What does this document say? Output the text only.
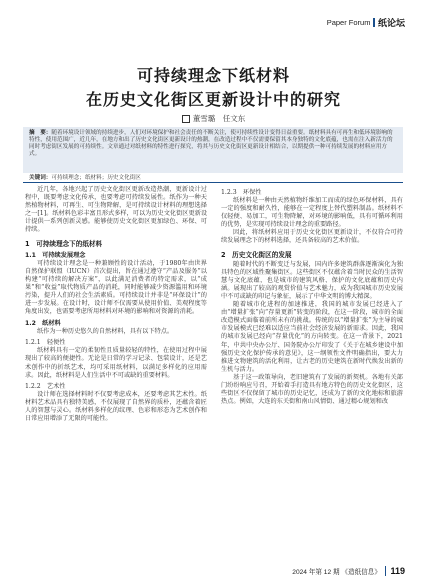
Paper Forum 纸论坛
可持续理念下纸材料
在历史文化街区更新设计中的研究
董雪璐　任文东
摘　要：随着环境设计领域的持续进步，人们对环境保护和社会责任的不断关注，使可持续性设计变得日益重要。纸材料具有可再生和低环境影响的特性，使用范围广，近几年，在地方和出了历史文化街区更新设计的热潮，在改造过程中不仅需要保留其本身独特的文化底蕴，也需在注入新活力的同时考虑街区发展的可持续性。文章通过对纸材料的特性进行探究，将其与历史文化街区更新设计相结合，以期提供一种可持续发展的材料应用方式。
关键词：可持续理念；纸材料；历史文化街区

近几年，各地兴起了历史文化街区更新改造热潮，更新设计过程中，既要考虑文化传承，也要考虑可持续发展性。纸作为一种天然植物材料，可再生、可生物降解，是可持续设计材料的理想选择之一[1]。纸材料色彩丰富且形式多样，可以为历史文化街区更新设计提供一系列创新灵感。能够使历史文化街区更加绿色、环保、可持续。

1　可持续理念下的纸材料
1.1　可持续发展理念

可持续设计理念是一种兼顾性的设计活动，于1980年由世界自然保护联盟（IUCN）首次提出，旨在通过遵守“产品及服务”以构建“可持续的解决方案”，以此满足消费者的特定需求，以“成果”和“收益”取代物质产品的消耗，同时能够减少资源滥用和环境污染，提升人们的社会生活素质。可持续设计并非是“环保设计”的进一步发展。在设计时，设计师不仅需要从使用价值、美观程度等角度出发，也需要考虑所用材料对环境的影响和对资源的消耗。

1.2　纸材料

纸作为一种历史悠久的自然材料，具有以下特点。

1.2.1　轻便性

纸材料具有一定的柔韧性且质量较轻的特性，在使用过程中展现出了较高的便捷性。无论是日常的学习记录、包装设计，还是艺术创作中的折纸艺术，均可采用纸材料，以满足多样化的应用需求。因此，纸材料是人们生活中不可或缺的重要材料。

1.2.2　艺术性

设计师在选择材料时不仅要考虑成本，还要考虑其艺术性。纸材料艺术品具有独特美感，不仅展现了自然界的质朴，还蕴含着匠人的智慧与灵心。纸材料多样化的纹理、色彩和形态为艺术创作和日常应用增添了无限的可能性。

1.2.3　环保性

纸材料是一种由天然植物纤维加工而成的绿色环保材料，具有一定的强度和耐久性，能够在一定程度上替代塑料制品。纸材料不仅轻便、易加工，可生物降解，对环境的影响低，具有可循环利用的优势，是实现可持续设计理念的重要路径。

因此，将纸材料应用于历史文化街区更新设计，不仅符合可持续发展理念下的材料选择，还具备较高的艺术价值。

2　历史文化街区的发展

随着时代的不断变迁与发展，国内许多建筑群落逐渐演化为独具特色的区域性聚集街区。这些街区不仅蕴含着当时民众的生活智慧与文化底蕴，也是城市的建筑风格、保护的文化底蕴和历史内涵。展现出了较高的观赏价值与艺术魅力，成为我国城市历史发展中不可或缺的印记与象征，展示了中华文明的博大精深。

随着城市化进程的加速推进，我国的城市发展已经进入了由“增量扩张”向“存量更新”转变的阶段，在这一阶段，城市的全面改造模式面临着前所未有的挑战。传统的以“增量扩张”为主导的城市发展模式已经难以适应当前社会经济发展的新需求。因此，我国的城市发展已经向“存量优化”的方向转变。在这一背景下，2021年，中共中央办公厅、国务院办公厅印发了《关于在城乡建设中加强历史文化保护传承的意见》，这一纲领性文件明确指出，要大力推进文物建筑的活化利用，让古老的历史建筑在新时代焕发出新的生机与活力。

基于这一政策导向，老旧建筑有了发展的新契机。各地有关部门纷纷响应号召，开始着手打造具有地方特色的历史文化街区，这些街区不仅保留了城市的历史记忆，还成为了新的文化地标和旅游热点。例如，大连的东关街和南山风情街、通过精心规划和改

2024 年第 12 期 《造纸信息》 119
